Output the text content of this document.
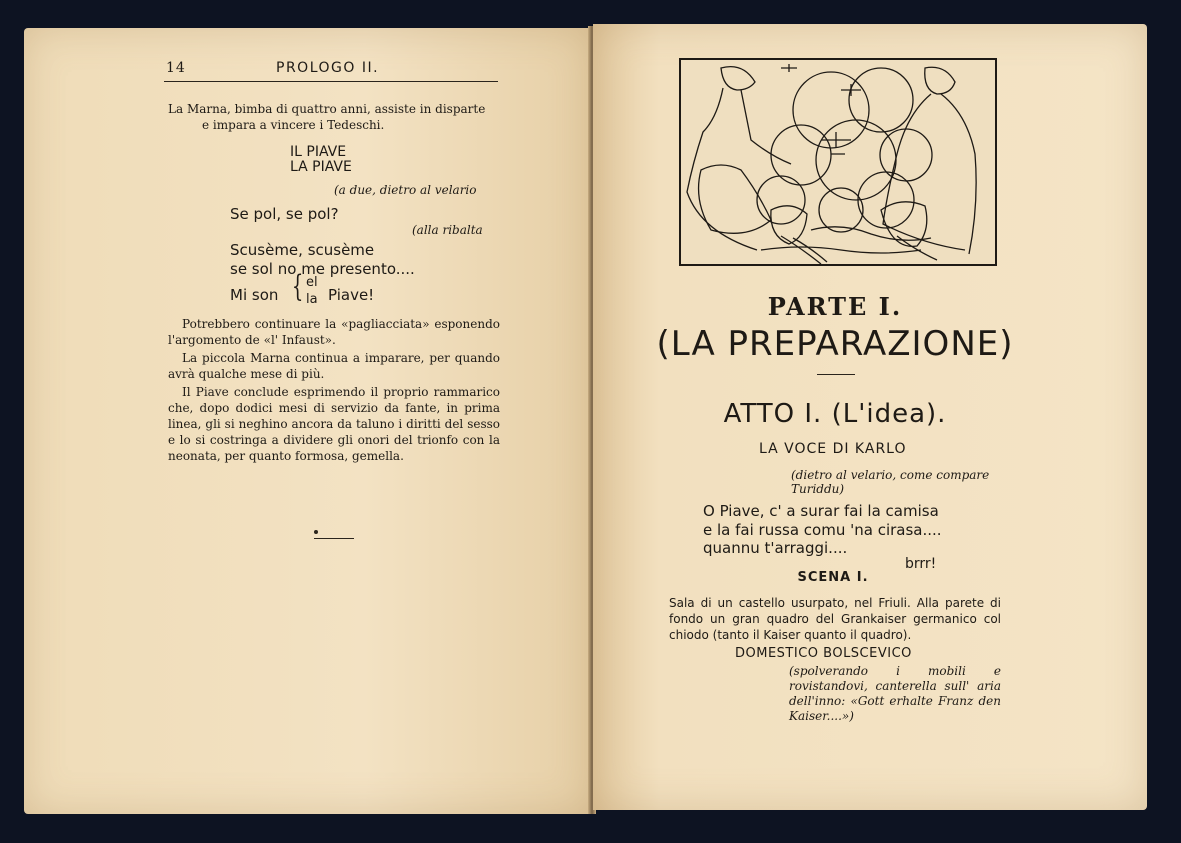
14	PROLOGO II.
La Marna, bimba di quattro anni, assiste in disparte
e impara a vincere i Tedeschi.
IL PIAVE
LA PIAVE
(a due, dietro al velario
Se pol, se pol?
(alla ribalta
Scusème, scusème
se sol no me presento....
Mi son { el
la Piave!
Potrebbero continuare la «pagliacciata» esponendo l'argomento de «l' Infaust».
La piccola Marna continua a imparare, per quando avrà qualche mese di più.
Il Piave conclude esprimendo il proprio rammarico che, dopo dodici mesi di servizio da fante, in prima linea, gli si neghino ancora da taluno i diritti del sesso e lo si costringa a dividere gli onori del trionfo con la neonata, per quanto formosa, gemella.
PARTE I.
(LA PREPARAZIONE)
ATTO I. (L'idea).
LA VOCE DI KARLO
(dietro al velario, come compare
Turiddu)
O Piave, c' a surar fai la camisa
e la fai russa comu 'na cirasa....
quannu t'arraggi....
brrr!
SCENA I.
Sala di un castello usurpato, nel Friuli. Alla parete di fondo un gran quadro del Grankaiser germanico col chiodo (tanto il Kaiser quanto il quadro).
DOMESTICO BOLSCEVICO
(spolverando i mobili e rovistandovi, canterella sull' aria dell'inno: «Gott erhalte Franz den Kaiser....»)
